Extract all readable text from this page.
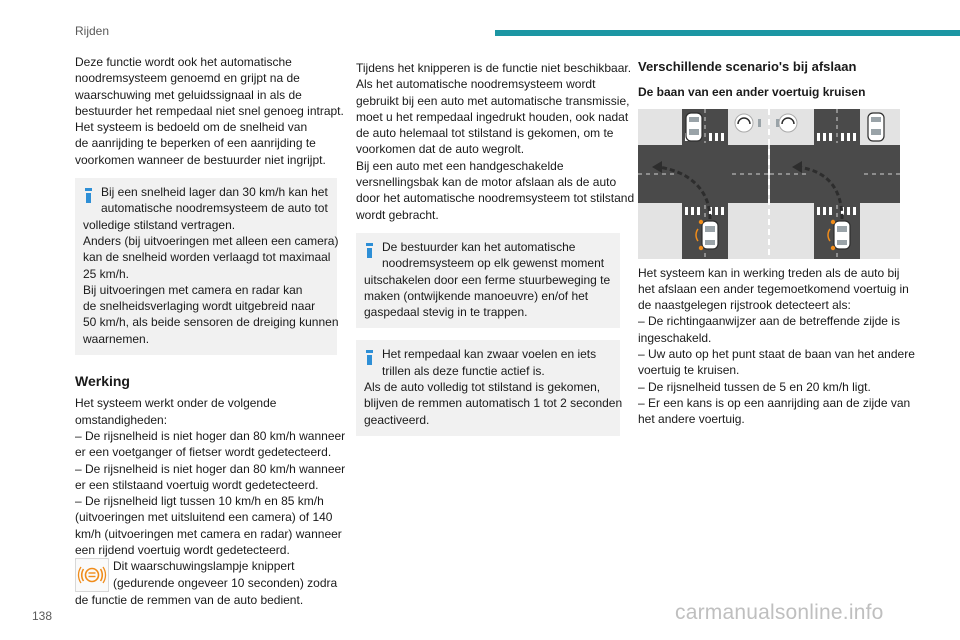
Rijden

Deze functie wordt ook het automatische

noodremsysteem genoemd en grijpt na de

waarschuwing met geluidssignaal in als de

bestuurder het rempedaal niet snel genoeg intrapt.

Het systeem is bedoeld om de snelheid van

de aanrijding te beperken of een aanrijding te

voorkomen wanneer de bestuurder niet ingrijpt.

Bij een snelheid lager dan 30 km/h kan het

automatische noodremsysteem de auto tot

volledige stilstand vertragen.

Anders (bij uitvoeringen met alleen een camera)

kan de snelheid worden verlaagd tot maximaal

25 km/h.

Bij uitvoeringen met camera en radar kan

de snelheidsverlaging wordt uitgebreid naar

50 km/h, als beide sensoren de dreiging kunnen

waarnemen.

Werking

Het systeem werkt onder de volgende

omstandigheden:

– De rijsnelheid is niet hoger dan 80 km/h wanneer

er een voetganger of fietser wordt gedetecteerd.

– De rijsnelheid is niet hoger dan 80 km/h wanneer

er een stilstaand voertuig wordt gedetecteerd.

– De rijsnelheid ligt tussen 10 km/h en 85 km/h

(uitvoeringen met uitsluitend een camera) of 140

km/h (uitvoeringen met camera en radar) wanneer

een rijdend voertuig wordt gedetecteerd.

Dit waarschuwingslampje knippert

(gedurende ongeveer 10 seconden) zodra

de functie de remmen van de auto bedient.

Tijdens het knipperen is de functie niet beschikbaar.

Als het automatische noodremsysteem wordt

gebruikt bij een auto met automatische transmissie,

moet u het rempedaal ingedrukt houden, ook nadat

de auto helemaal tot stilstand is gekomen, om te

voorkomen dat de auto wegrolt.

Bij een auto met een handgeschakelde

versnellingsbak kan de motor afslaan als de auto

door het automatische noodremsysteem tot stilstand

wordt gebracht.

De bestuurder kan het automatische

noodremsysteem op elk gewenst moment

uitschakelen door een ferme stuurbeweging te

maken (ontwijkende manoeuvre) en/of het

gaspedaal stevig in te trappen.

Het rempedaal kan zwaar voelen en iets

trillen als deze functie actief is.

Als de auto volledig tot stilstand is gekomen,

blijven de remmen automatisch 1 tot 2 seconden

geactiveerd.

Verschillende scenario's bij afslaan
De baan van een ander voertuig kruisen

Het systeem kan in werking treden als de auto bij

het afslaan een ander tegemoetkomend voertuig in

de naastgelegen rijstrook detecteert als:

– De richtingaanwijzer aan de betreffende zijde is

ingeschakeld.

– Uw auto op het punt staat de baan van het andere

voertuig te kruisen.

– De rijsnelheid tussen de 5 en 20 km/h ligt.

– Er een kans is op een aanrijding aan de zijde van

het andere voertuig.

138	carmanualsonline.info
